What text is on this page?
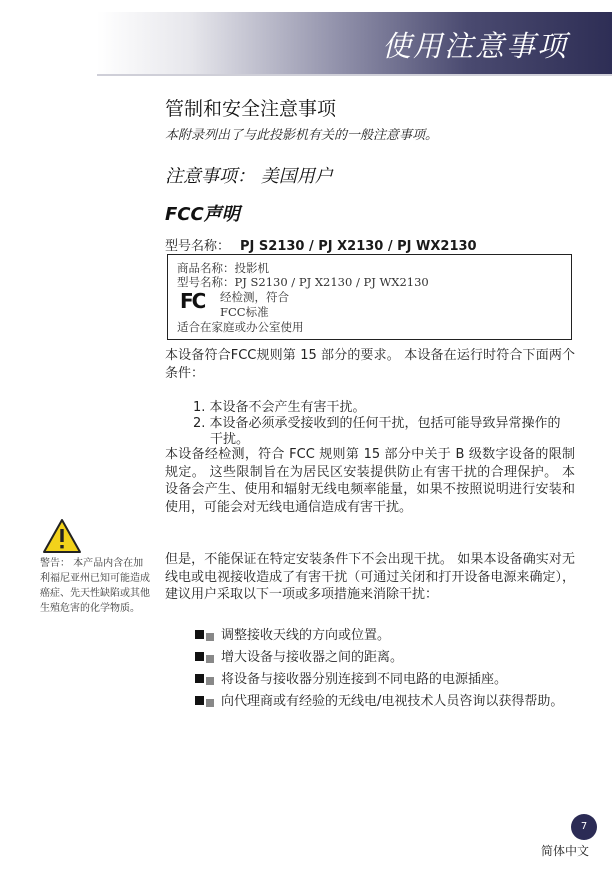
使用注意事项
管制和安全注意事项
本附录列出了与此投影机有关的一般注意事项。
注意事项： 美国用户
FCC声明
型号名称： PJ S2130 / PJ X2130 / PJ WX2130
商品名称：投影机
型号名称：PJ S2130 / PJ X2130 / PJ WX2130
FC 经检测，符合
FCC标准
适合在家庭或办公室使用
本设备符合FCC规则第 15 部分的要求。 本设备在运行时符合下面两个条件：
1. 本设备不会产生有害干扰。
2. 本设备必须承受接收到的任何干扰，包括可能导致异常操作的干扰。
本设备经检测，符合 FCC 规则第 15 部分中关于 B 级数字设备的限制规定。 这些限制旨在为居民区安装提供防止有害干扰的合理保护。 本设备会产生、使用和辐射无线电频率能量，如果不按照说明进行安装和使用，可能会对无线电通信造成有害干扰。
但是，不能保证在特定安装条件下不会出现干扰。 如果本设备确实对无线电或电视接收造成了有害干扰（可通过关闭和打开设备电源来确定），建议用户采取以下一项或多项措施来消除干扰：
调整接收天线的方向或位置。
增大设备与接收器之间的距离。
将设备与接收器分别连接到不同电路的电源插座。
向代理商或有经验的无线电/电视技术人员咨询以获得帮助。
警告： 本产品内含在加利福尼亚州已知可能造成癌症、先天性缺陷或其他生殖危害的化学物质。
7
简体中文
